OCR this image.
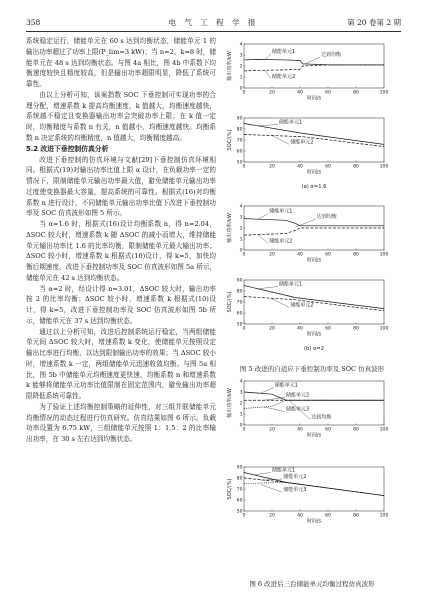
358	电 气 工 程 学 报	第 20 卷第 2 期

系统稳定运行，储能单元在 60 s 达到均衡状态，储能单元 1 的输出功率超过了功率上限(P_lim=3 kW)；当 n=2、k=8 时，储能单元在 48 s 达到均衡状态。与图 4a 相比，图 4b 中系数下均衡速度较快且精度较高，但是输出功率超限明显，降低了系统可靠性。

由以上分析可知，该案指数 SOC 下垂控制可实现功率的合理分配，增速系数 k 提高均衡速度，k 值越大，均衡速度越快，系统越不稳定且变换器输出功率会突破功率上限；在 k 值一定时，均衡精度与系数 n 有关，n 值越小，均衡速度越快。均衡系数 n 决定系统的均衡精度，n 值越大，均衡精度越高。

5.2 改进下垂控制仿真分析

改进下垂控制的仿真环境与文献[29]下垂控制仿真环境相同。根据式(19)对输出功率比值上限 α 设计，在负载功率一定的情况下，限制储能单元输出功率最大值，避免储能单元输出功率过度使变换器最大容量，提高系统的可靠性。根据式(16)对均衡系数 n 进行设计，不同储能单元输出功率比值下改进下垂控制功率及 SOC 仿真波形如图 5 所示。

当 α=1.6 时，根据式(16)设计均衡系数 n，得 n=2.04，ΔSOC 较大时，增速系数 k 随 ΔSOC 的减小而增大，维持储能单元输出功率比 1.6 的比率均衡，限制储能单元最大输出功率；ΔSOC 较小时，增速系数 k 根据式(10)设计，得 k=5，加快均衡后期速度，改进下垂控制功率及 SOC 仿真波形如图 5a 所示，储能单元在 42 s 达到均衡状态。

当 α=2 时，经设计得 n=3.01，ΔSOC 较大时，输出功率按 2 的比率均衡；ΔSOC 较小时，增速系数 k 根据式(10)设计，得 k=5，改进下垂控制功率及 SOC 仿真波形如图 5b 所示，储能单元在 37 s 达到均衡状态。

通过以上分析可知，改进后控制系统运行稳定，当两组储能单元间 ΔSOC 较大时，增速系数 k 变化，使储能单元按照设定输出比率进行均衡，以达到限制输出功率的效果；当 ΔSOC 较小时，增速系数 k 一定，两组储能单元迅速收敛均衡。与图 5a 相比，图 5b 中储能单元均衡速度更快速，均衡系数 n 和增速系数 k 能够将储能单元功率比值限制在固定范围内，避免输出功率超限降低系统可靠性。

为了验证上述均衡控制策略的延伸性，对三组并联储能单元均衡情况的动态过程进行仿真研究。仿真结果如图 6 所示。负载功率设置为 6.75 kW，三组储能单元按照 1：1.5：2 的比率输出功率，在 30 s 左右达到均衡状态。

0	20	40	60	80	100
0
1
2
3
4
时间/s
输出功率/kW	储能单元1
储能单元2
达到均衡
0	20	40	60	80	100
50
60
70
80
90
时间/s
SOC/(%)
储能单元1
储能单元2
(a) α=1.6
0	20	40	60	80	100
0
1
2
3
4
时间/s
输出功率/kW
储能单元1
储能单元2
达到均衡
0	20	40	60	80	100
50
60
70
80
90
时间/s
SOC/(%)
储能单元1
储能单元2
(b) α=2
0	20	40	60	80	100
0
1
2
3
4
时间/s
输出功率/kW
储能单元1
储能单元2
储能单元3
达到均衡
0	20	40	60	80	100
50
60
70
80
90
时间/s
SOC/(%)
储能单元1
储能单元2
储能单元3
图 5 改进的自适应下垂控制功率及 SOC 仿真波形
图 6 改进后三台储能单元均衡过程仿真波形
